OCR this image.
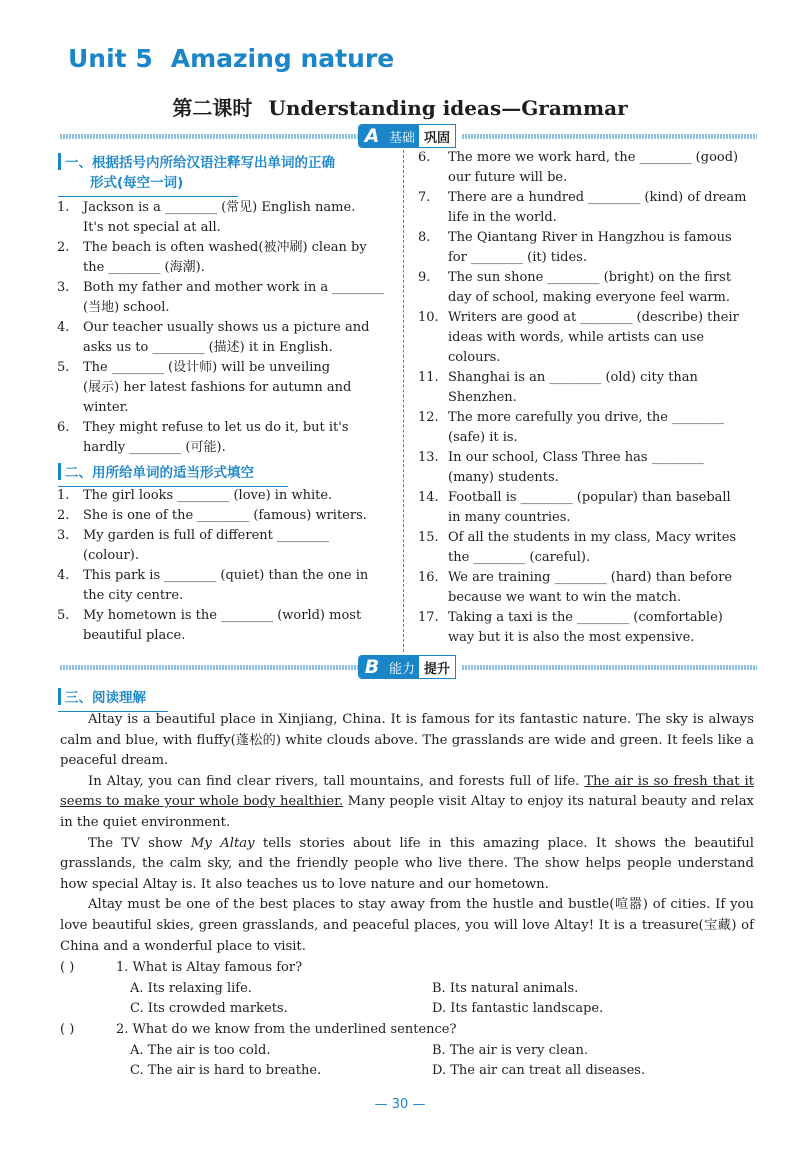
Unit 5 Amazing nature
第二课时 Understanding ideas—Grammar
A 基础 巩固
一、根据括号内所给汉语注释写出单词的正确
形式(每空一词)
1. Jackson is a ________ (常见) English name.
It's not special at all.
2. The beach is often washed(被冲刷) clean by
the ________ (海潮).
3. Both my father and mother work in a ________
(当地) school.
4. Our teacher usually shows us a picture and
asks us to ________ (描述) it in English.
5. The ________ (设计师) will be unveiling
(展示) her latest fashions for autumn and
winter.
6. They might refuse to let us do it, but it's
hardly ________ (可能).
二、用所给单词的适当形式填空
1. The girl looks ________ (love) in white.
2. She is one of the ________ (famous) writers.
3. My garden is full of different ________
(colour).
4. This park is ________ (quiet) than the one in
the city centre.
5. My hometown is the ________ (world) most
beautiful place.
6. The more we work hard, the ________ (good)
our future will be.
7. There are a hundred ________ (kind) of dream
life in the world.
8. The Qiantang River in Hangzhou is famous
for ________ (it) tides.
9. The sun shone ________ (bright) on the first
day of school, making everyone feel warm.
10. Writers are good at ________ (describe) their
ideas with words, while artists can use
colours.
11. Shanghai is an ________ (old) city than
Shenzhen.
12. The more carefully you drive, the ________
(safe) it is.
13. In our school, Class Three has ________
(many) students.
14. Football is ________ (popular) than baseball
in many countries.
15. Of all the students in my class, Macy writes
the ________ (careful).
16. We are training ________ (hard) than before
because we want to win the match.
17. Taking a taxi is the ________ (comfortable)
way but it is also the most expensive.
B 能力 提升
三、阅读理解
Altay is a beautiful place in Xinjiang, China. It is famous for its fantastic nature. The sky is always calm and blue, with fluffy(蓬松的) white clouds above. The grasslands are wide and green. It feels like a peaceful dream.
In Altay, you can find clear rivers, tall mountains, and forests full of life. The air is so fresh that it seems to make your whole body healthier. Many people visit Altay to enjoy its natural beauty and relax in the quiet environment.
The TV show My Altay tells stories about life in this amazing place. It shows the beautiful grasslands, the calm sky, and the friendly people who live there. The show helps people understand how special Altay is. It also teaches us to love nature and our hometown.
Altay must be one of the best places to stay away from the hustle and bustle(喧嚣) of cities. If you love beautiful skies, green grasslands, and peaceful places, you will love Altay! It is a treasure(宝藏) of China and a wonderful place to visit.
( )	1. What is Altay famous for?
A. Its relaxing life.	B. Its natural animals.
C. Its crowded markets.	D. Its fantastic landscape.
( )	2. What do we know from the underlined sentence?
A. The air is too cold.	B. The air is very clean.
C. The air is hard to breathe.	D. The air can treat all diseases.
— 30 —
